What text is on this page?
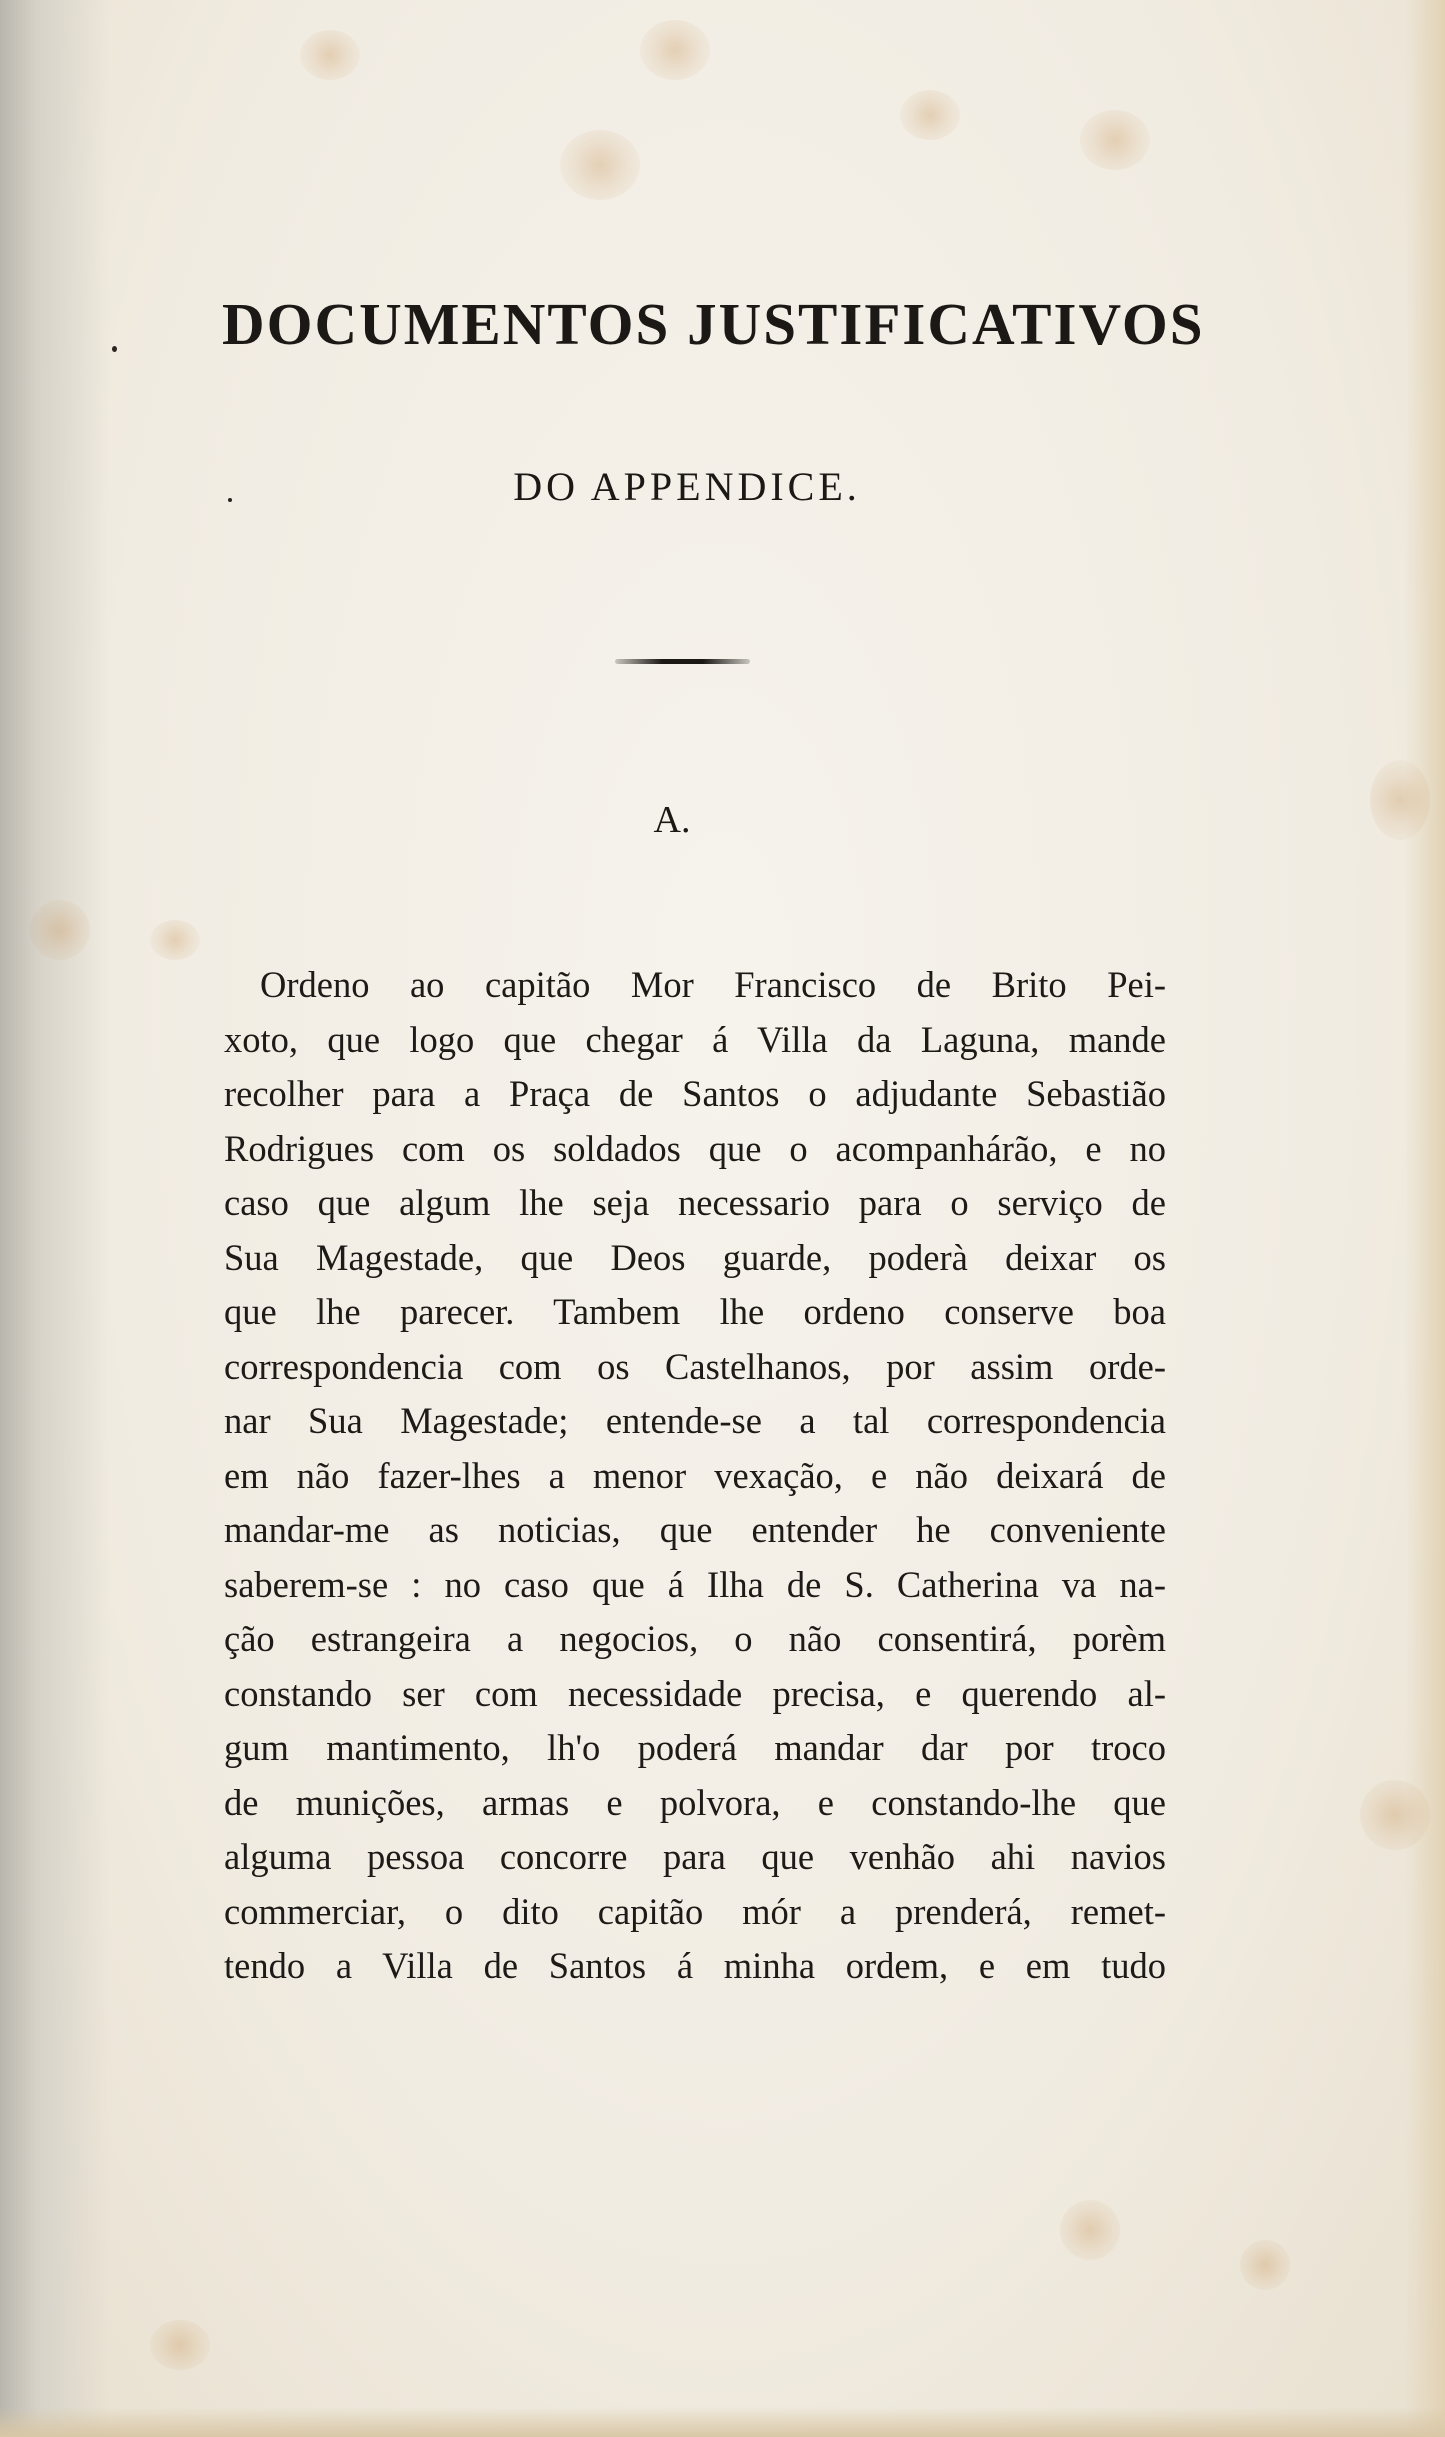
DOCUMENTOS JUSTIFICATIVOS
DO APPENDICE.
A.
Ordeno ao capitão Mor Francisco de Brito Pei-
xoto, que logo que chegar á Villa da Laguna, mande
recolher para a Praça de Santos o adjudante Sebastião
Rodrigues com os soldados que o acompanhárão, e no
caso que algum lhe seja necessario para o serviço de
Sua Magestade, que Deos guarde, poderà deixar os
que lhe parecer. Tambem lhe ordeno conserve boa
correspondencia com os Castelhanos, por assim orde-
nar Sua Magestade; entende-se a tal correspondencia
em não fazer-lhes a menor vexação, e não deixará de
mandar-me as noticias, que entender he conveniente
saberem-se : no caso que á Ilha de S. Catherina va na-
ção estrangeira a negocios, o não consentirá, porèm
constando ser com necessidade precisa, e querendo al-
gum mantimento, lh'o poderá mandar dar por troco
de munições, armas e polvora, e constando-lhe que
alguma pessoa concorre para que venhão ahi navios
commerciar, o dito capitão mór a prenderá, remet-
tendo a Villa de Santos á minha ordem, e em tudo
